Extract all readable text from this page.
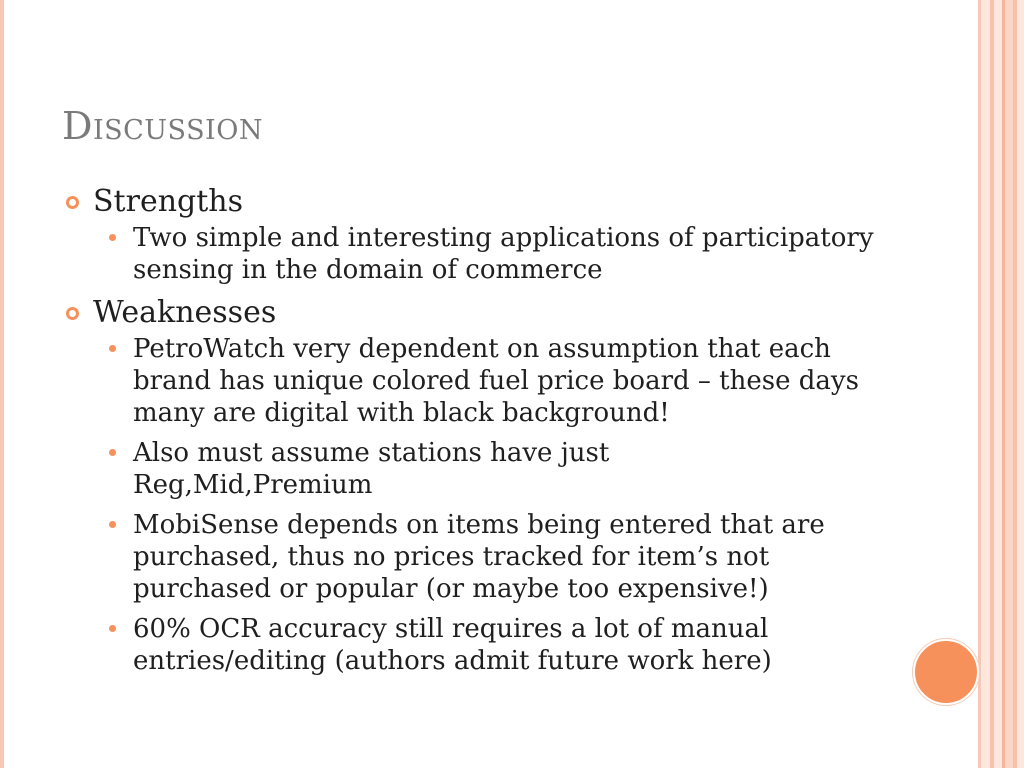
Discussion
Strengths
Two simple and interesting applications of participatory sensing in the domain of commerce
Weaknesses
PetroWatch very dependent on assumption that each brand has unique colored fuel price board – these days many are digital with black background!
Also must assume stations have just Reg,Mid,Premium
MobiSense depends on items being entered that are purchased, thus no prices tracked for item’s not purchased or popular (or maybe too expensive!)
60% OCR accuracy still requires a lot of manual entries/editing (authors admit future work here)
